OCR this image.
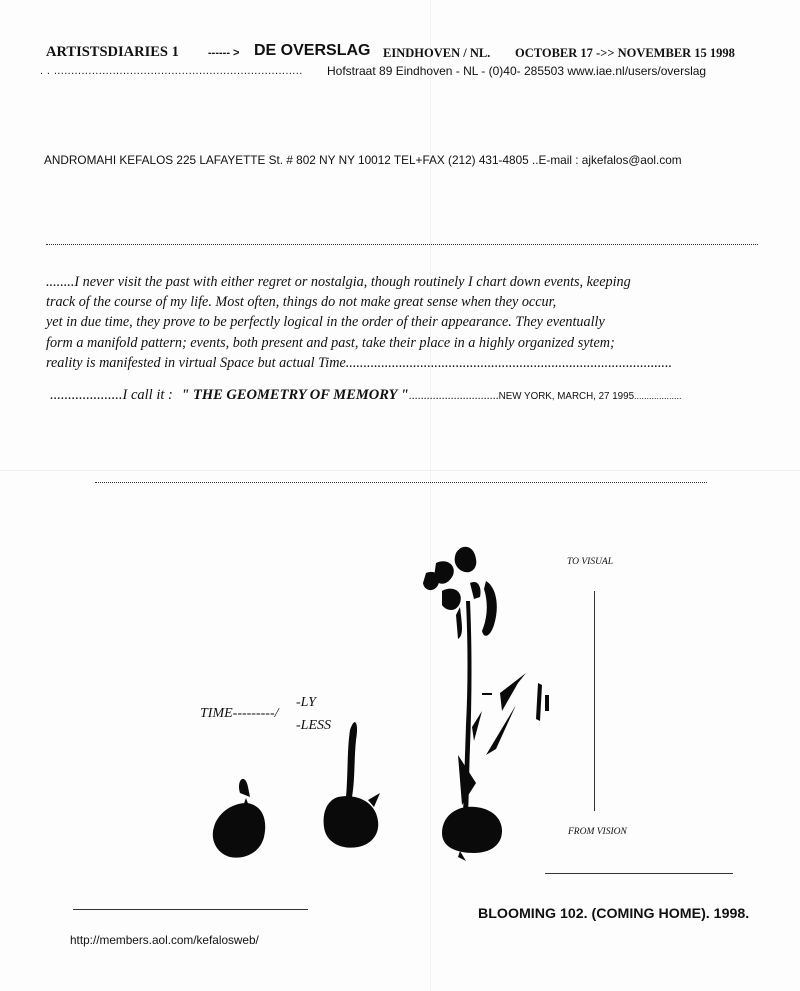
ARTISTSDIARIES 1	------ > DE OVERSLAG EINDHOVEN / NL. OCTOBER 17 ->> NOVEMBER 15 1998
. . ........................................................................ Hofstraat 89 Eindhoven - NL - (0)40- 285503 www.iae.nl/users/overslag
ANDROMAHI KEFALOS 225 LAFAYETTE St. # 802 NY NY 10012 TEL+FAX (212) 431-4805 ..E-mail : ajkefalos@aol.com
........I never visit the past with either regret or nostalgia, though routinely I chart down events, keeping
track of the course of my life. Most often, things do not make great sense when they occur,
yet in due time, they prove to be perfectly logical in the order of their appearance. They eventually
form a manifold pattern; events, both present and past, take their place in a highly organized sytem;
reality is manifested in virtual Space but actual Time............................................................................................
....................I call it : " THE GEOMETRY OF MEMORY "..............................NEW YORK, MARCH, 27 1995...................
TO VISUAL
FROM VISION
TIME---------/
-LY
-LESS
BLOOMING 102. (COMING HOME). 1998.
http://members.aol.com/kefalosweb/
